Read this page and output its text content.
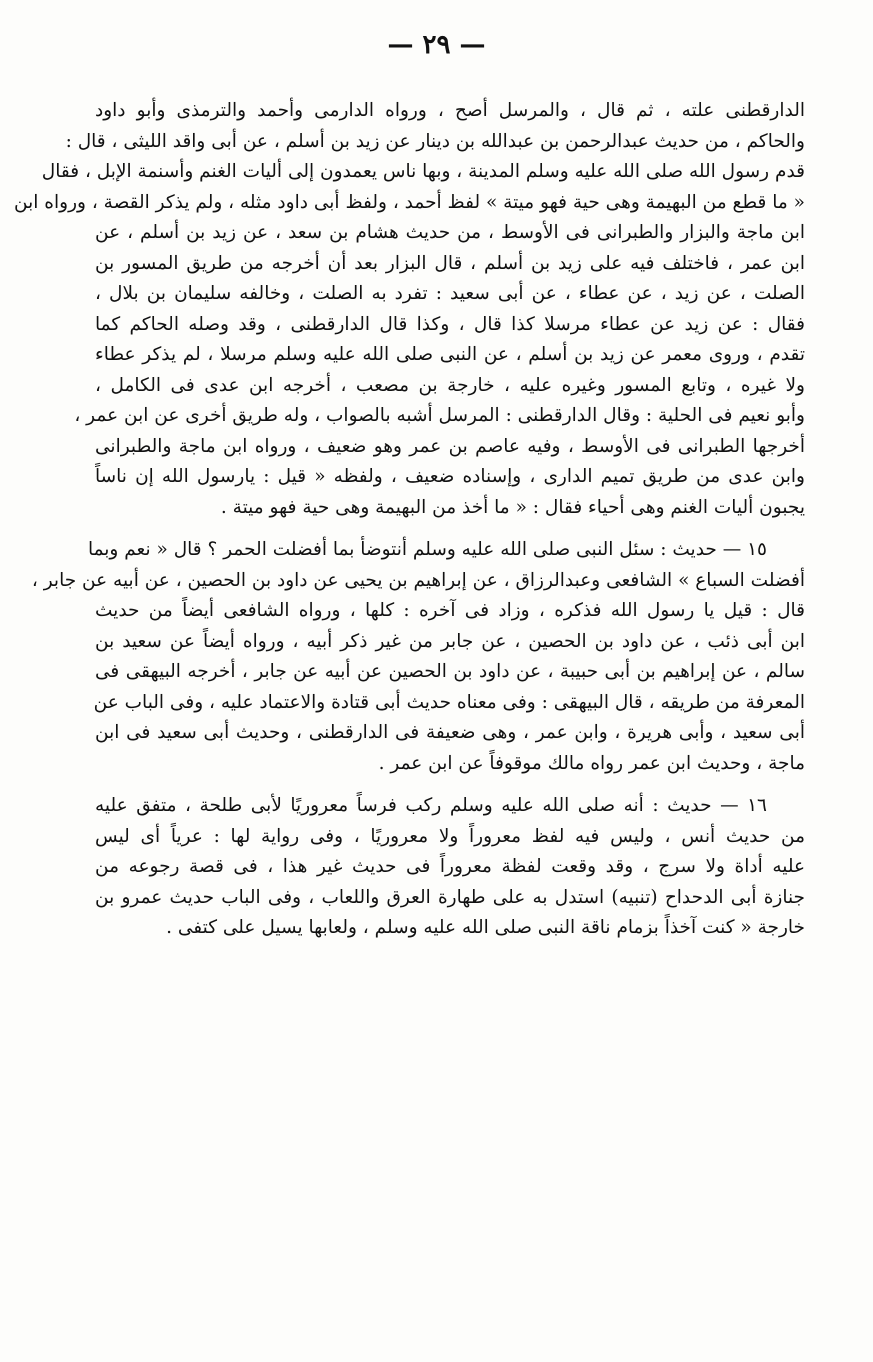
— ٢٩ —
الدارقطنى علته ، ثم قال ، والمرسل أصح ، ورواه الدارمى وأحمد والترمذى وأبو داود
والحاكم ، من حديث عبدالرحمن بن عبدالله بن دينار عن زيد بن أسلم ، عن أبى واقد الليثى ، قال :
قدم رسول الله صلى الله عليه وسلم المدينة ، وبها ناس يعمدون إلى أليات الغنم وأسنمة الإبل ، فقال
« ما قطع من البهيمة وهى حية فهو ميتة » لفظ أحمد ، ولفظ أبى داود مثله ، ولم يذكر القصة ، ورواه ابن
ابن ماجة والبزار والطبرانى فى الأوسط ، من حديث هشام بن سعد ، عن زيد بن أسلم ، عن
ابن عمر ، فاختلف فيه على زيد بن أسلم ، قال البزار بعد أن أخرجه من طريق المسور بن
الصلت ، عن زيد ، عن عطاء ، عن أبى سعيد : تفرد به الصلت ، وخالفه سليمان بن بلال ،
فقال : عن زيد عن عطاء مرسلا كذا قال ، وكذا قال الدارقطنى ، وقد وصله الحاكم كما
تقدم ، وروى معمر عن زيد بن أسلم ، عن النبى صلى الله عليه وسلم مرسلا ، لم يذكر عطاء
ولا غيره ، وتابع المسور وغيره عليه ، خارجة بن مصعب ، أخرجه ابن عدى فى الكامل ،
وأبو نعيم فى الحلية : وقال الدارقطنى : المرسل أشبه بالصواب ، وله طريق أخرى عن ابن عمر ،
أخرجها الطبرانى فى الأوسط ، وفيه عاصم بن عمر وهو ضعيف ، ورواه ابن ماجة والطبرانى
وابن عدى من طريق تميم الدارى ، وإسناده ضعيف ، ولفظه « قيل : يارسول الله إن ناساً
يجبون أليات الغنم وهى أحياء فقال : « ما أخذ من البهيمة وهى حية فهو ميتة .
١٥ — حديث : سئل النبى صلى الله عليه وسلم أنتوضأ بما أفضلت الحمر ؟ قال « نعم وبما
أفضلت السباع » الشافعى وعبدالرزاق ، عن إبراهيم بن يحيى عن داود بن الحصين ، عن أبيه عن جابر ،
قال : قيل يا رسول الله فذكره ، وزاد فى آخره : كلها ، ورواه الشافعى أيضاً من حديث
ابن أبى ذئب ، عن داود بن الحصين ، عن جابر من غير ذكر أبيه ، ورواه أيضاً عن سعيد بن
سالم ، عن إبراهيم بن أبى حبيبة ، عن داود بن الحصين عن أبيه عن جابر ، أخرجه البيهقى فى
المعرفة من طريقه ، قال البيهقى : وفى معناه حديث أبى قتادة والاعتماد عليه ، وفى الباب عن
أبى سعيد ، وأبى هريرة ، وابن عمر ، وهى ضعيفة فى الدارقطنى ، وحديث أبى سعيد فى ابن
ماجة ، وحديث ابن عمر رواه مالك موقوفاً عن ابن عمر .
١٦ — حديث : أنه صلى الله عليه وسلم ركب فرساً معروريًا لأبى طلحة ، متفق عليه
من حديث أنس ، وليس فيه لفظ معروراً ولا معروريًا ، وفى رواية لها : عرياً أى ليس
عليه أداة ولا سرج ، وقد وقعت لفظة معروراً فى حديث غير هذا ، فى قصة رجوعه من
جنازة أبى الدحداح (تنبيه) استدل به على طهارة العرق واللعاب ، وفى الباب حديث عمرو بن
خارجة « كنت آخذاً بزمام ناقة النبى صلى الله عليه وسلم ، ولعابها يسيل على كتفى .
